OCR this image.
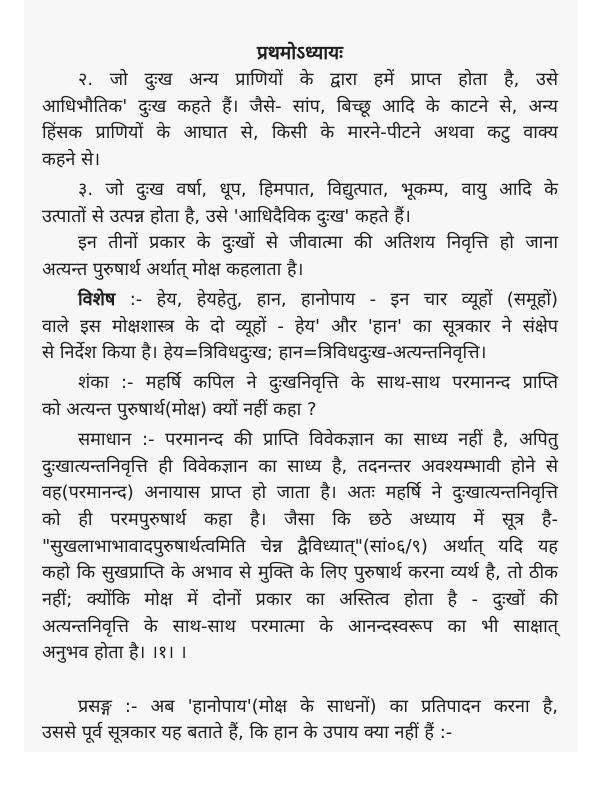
प्रथमोऽध्यायः
२. जो दुःख अन्य प्राणियों के द्वारा हमें प्राप्त होता है, उसे
आधिभौतिक' दुःख कहते हैं। जैसे- सांप, बिच्छू आदि के काटने से, अन्य
हिंसक प्राणियों के आघात से, किसी के मारने-पीटने अथवा कटु वाक्य
कहने से।
३. जो दुःख वर्षा, धूप, हिमपात, विद्युत्पात, भूकम्प, वायु आदि के
उत्पातों से उत्पन्न होता है, उसे 'आधिदैविक दुःख' कहते हैं।
इन तीनों प्रकार के दुःखों से जीवात्मा की अतिशय निवृत्ति हो जाना
अत्यन्त पुरुषार्थ अर्थात् मोक्ष कहलाता है।
विशेष :- हेय, हेयहेतु, हान, हानोपाय - इन चार व्यूहों (समूहों)
वाले इस मोक्षशास्त्र के दो व्यूहों - हेय' और 'हान' का सूत्रकार ने संक्षेप
से निर्देश किया है। हेय=त्रिविधदुःख; हान=त्रिविधदुःख-अत्यन्तनिवृत्ति।
शंका :- महर्षि कपिल ने दुःखनिवृत्ति के साथ-साथ परमानन्द प्राप्ति
को अत्यन्त पुरुषार्थ(मोक्ष) क्यों नहीं कहा ?
समाधान :- परमानन्द की प्राप्ति विवेकज्ञान का साध्य नहीं है, अपितु
दुःखात्यन्तनिवृत्ति ही विवेकज्ञान का साध्य है, तदनन्तर अवश्यम्भावी होने से
वह(परमानन्द) अनायास प्राप्त हो जाता है। अतः महर्षि ने दुःखात्यन्तनिवृत्ति
को ही परमपुरुषार्थ कहा है। जैसा कि छठे अध्याय में सूत्र है-
"सुखलाभाभावादपुरुषार्थत्वमिति चेन्न द्वैविध्यात्"(सां०६/९) अर्थात् यदि यह
कहो कि सुखप्राप्ति के अभाव से मुक्ति के लिए पुरुषार्थ करना व्यर्थ है, तो ठीक
नहीं; क्योंकि मोक्ष में दोनों प्रकार का अस्तित्व होता है - दुःखों की
अत्यन्तनिवृत्ति के साथ-साथ परमात्मा के आनन्दस्वरूप का भी साक्षात्
अनुभव होता है। ।१। ।
प्रसङ्ग :- अब 'हानोपाय'(मोक्ष के साधनों) का प्रतिपादन करना है,
उससे पूर्व सूत्रकार यह बताते हैं, कि हान के उपाय क्या नहीं हैं :-
